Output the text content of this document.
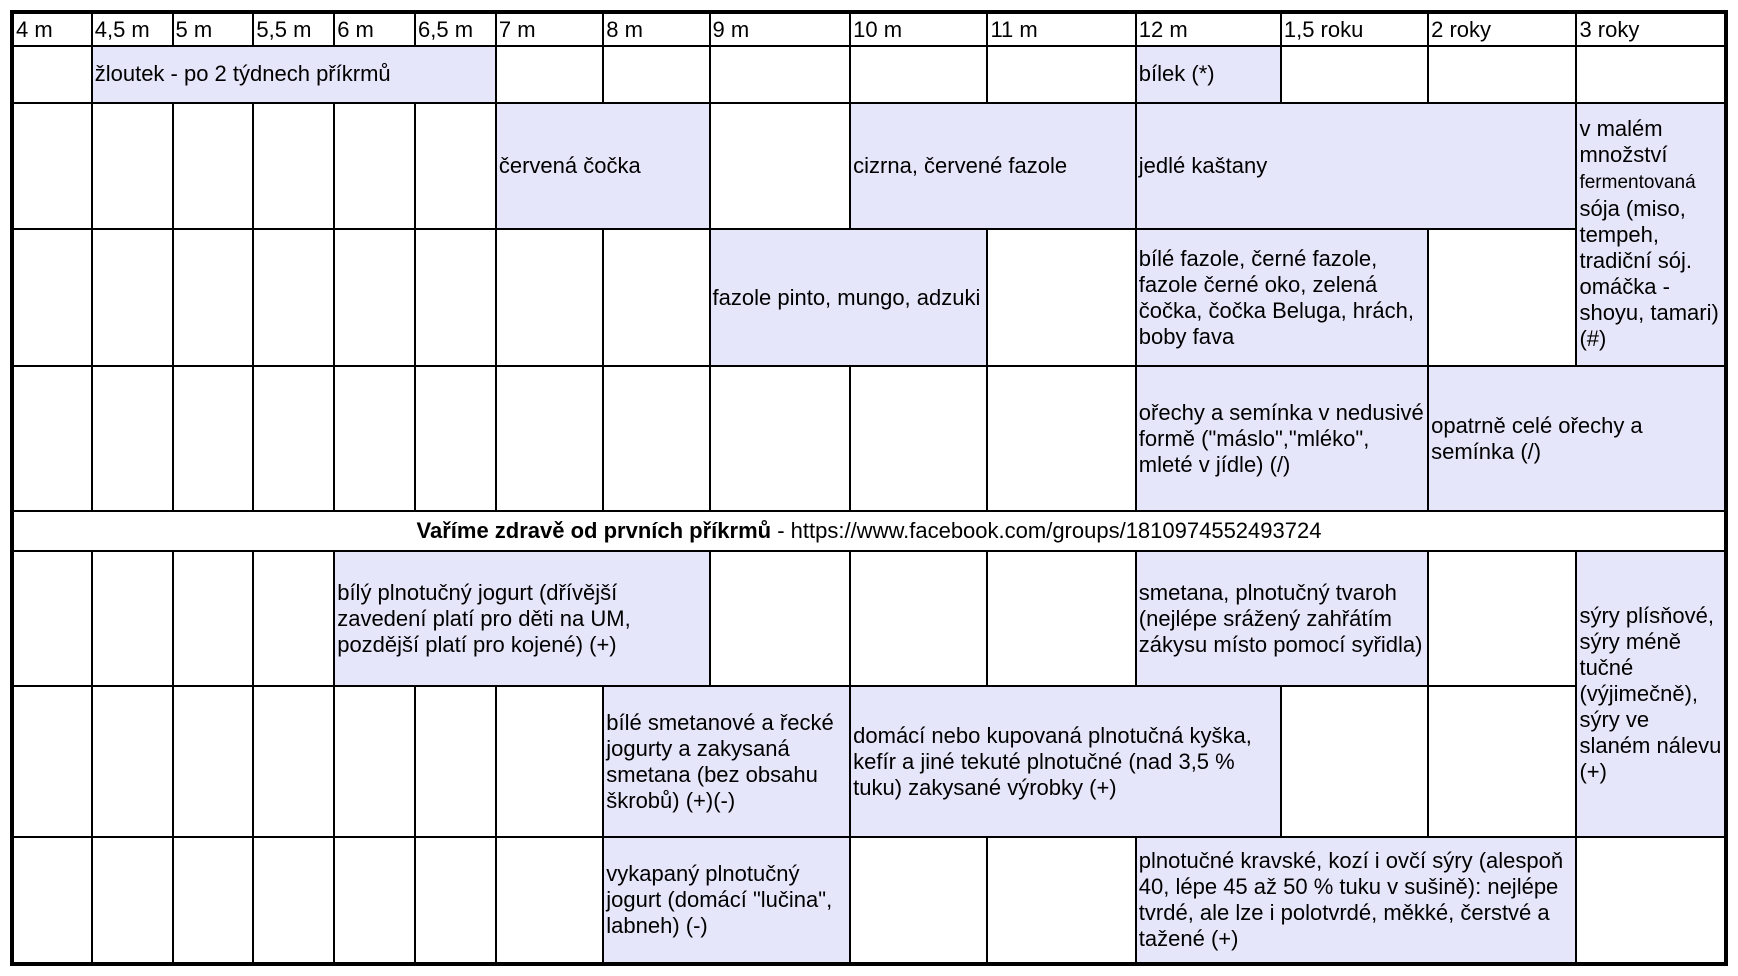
4 m	4,5 m	5 m	5,5 m	6 m	6,5 m	7 m	8 m	9 m	10 m	11 m	12 m	1,5 roku	2 roky	3 roky
	žloutek - po 2 týdnech příkrmů										bílek (*)			
						červená čočka			cizrna, červené fazole		jedlé kaštany			v malém množství
fermentovaná
sója (miso, tempeh, tradiční sój. omáčka - shoyu, tamari) (#)
								fazole pinto, mungo, adzuki			bílé fazole, černé fazole, fazole černé oko, zelená čočka, čočka Beluga, hrách, boby fava			
											ořechy a semínka v nedusivé formě ("máslo","mléko", mleté v jídle) (/)		opatrně celé ořechy a semínka (/)	
Vaříme zdravě od prvních příkrmů - https://www.facebook.com/groups/1810974552493724														
				bílý plnotučný jogurt (dřívější zavedení platí pro děti na UM, pozdější platí pro kojené) (+)							smetana, plnotučný tvaroh (nejlépe srážený zahřátím zákysu místo pomocí syřidla)			sýry plísňové, sýry méně tučné (výjimečně), sýry ve slaném nálevu (+)
							bílé smetanové a řecké jogurty a zakysaná smetana (bez obsahu škrobů) (+)(-)		domácí nebo kupovaná plnotučná kyška, kefír a jiné tekuté plnotučné (nad 3,5 % tuku) zakysané výrobky (+)					
							vykapaný plnotučný jogurt (domácí "lučina", labneh) (-)				plnotučné kravské, kozí i ovčí sýry (alespoň 40, lépe 45 až 50 % tuku v sušině): nejlépe tvrdé, ale lze i polotvrdé, měkké, čerstvé a tažené (+)			
